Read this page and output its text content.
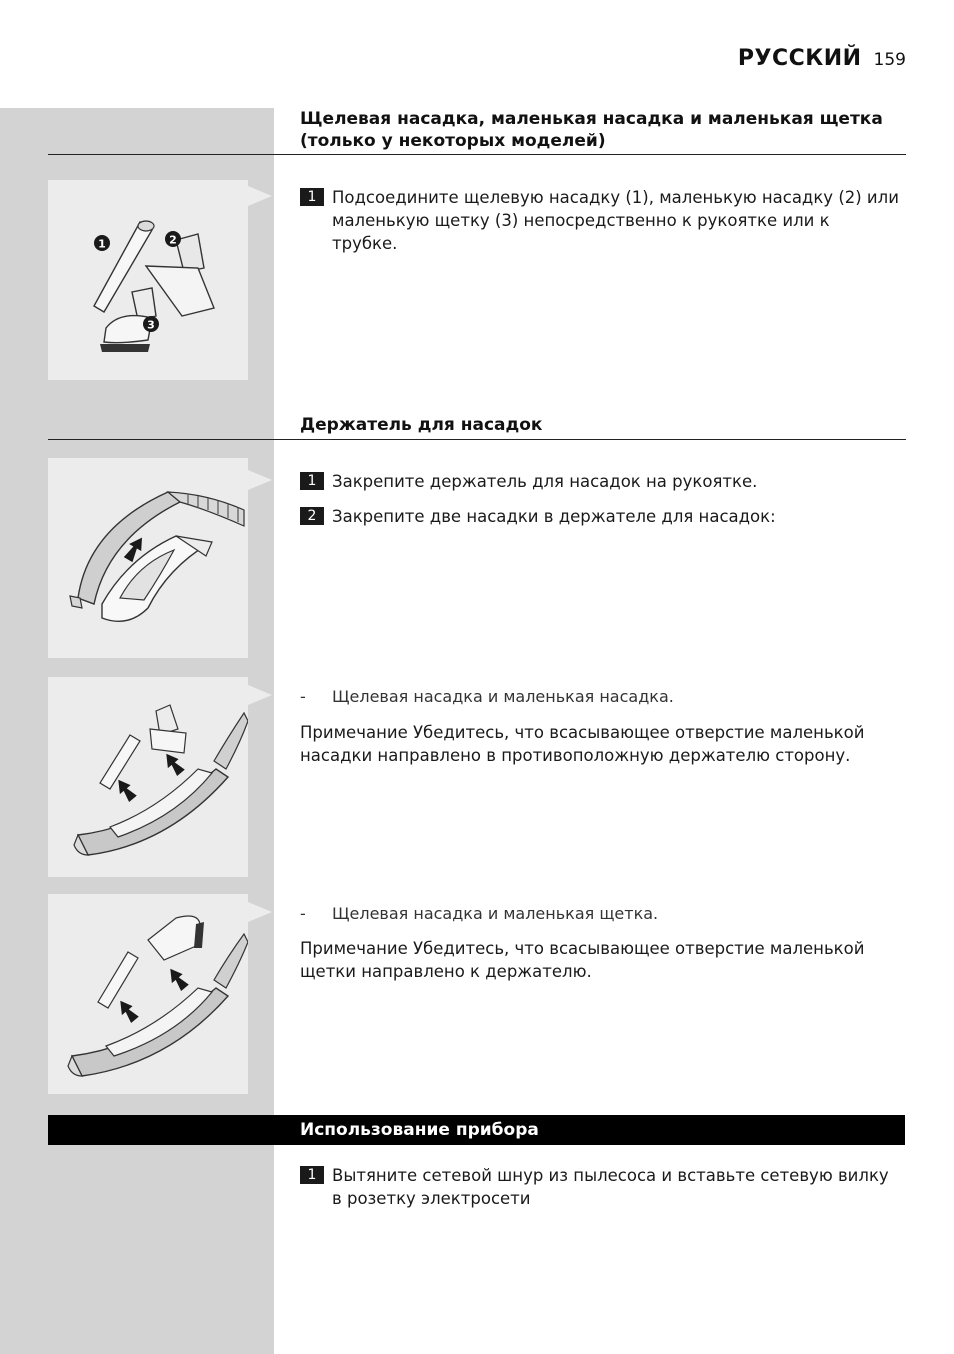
РУССКИЙ 159
Щелевая насадка, маленькая насадка и маленькая щетка (только у некоторых моделей)
1	2
3
1 Подсоедините щелевую насадку (1), маленькую насадку (2) или маленькую щетку (3) непосредственно к рукоятке или к трубке.
Держатель для насадок
1 Закрепите держатель для насадок на рукоятке.
2 Закрепите две насадки в держателе для насадок:
-	Щелевая насадка и маленькая насадка.
Примечание Убедитесь, что всасывающее отверстие маленькой насадки направлено в противоположную держателю сторону.
-	Щелевая насадка и маленькая щетка.
Примечание Убедитесь, что всасывающее отверстие маленькой щетки направлено к держателю.
Использование прибора
1 Вытяните сетевой шнур из пылесоса и вставьте сетевую вилку в розетку электросети
